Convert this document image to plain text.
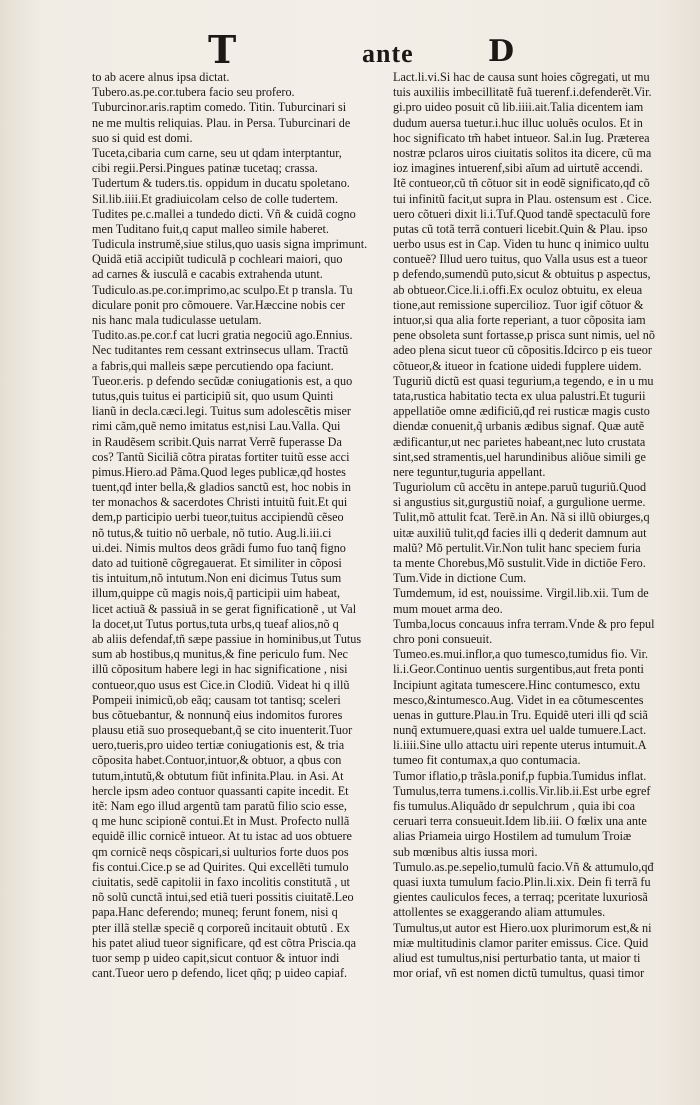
T	ante D
to ab acere alnus ipsa dictat.
Tubero.as.pe.cor.tubera facio seu profero.
Tuburcinor.aris.raptim comedo. Titin. Tuburcinari si
ne me multis reliquias. Plau. in Persa. Tuburcinari de
suo si quid est domi.
Tuceta,cibaria cum carne, seu ut qdam interptantur,
cibi regii.Persi.Pingues patinæ tucetaq; crassa.
Tudertum & tuders.tis. oppidum in ducatu spoletano.
Sil.lib.iiii.Et gradiuicolam celso de colle tudertem.
Tudites pe.c.mallei a tundedo dicti. Vñ & cuidã cogno
men Tuditano fuit,q caput malleo simile haberet.
Tudicula instrumě,siue stilus,quo uasis signa imprimunt.
Quidã etiã accipiũt tudiculã p cochleari maiori, quo
ad carnes & iusculã e cacabis extrahenda utunt.
Tudiculo.as.pe.cor.imprimo,ac sculpo.Et p transla. Tu
diculare ponit pro cõmouere. Var.Hæccine nobis cer
nis hanc mala tudiculasse uetulam.
Tudito.as.pe.cor.f cat lucri gratia negociũ ago.Ennius.
Nec tuditantes rem cessant extrinsecus ullam. Tractũ
a fabris,qui malleis sæpe percutiendo opa faciunt.
Tueor.eris. p defendo secũdæ coniugationis est, a quo
tutus,quis tuitus ei participiũ sit, quo usum Quinti
lianũ in decla.cæci.legi. Tuitus sum adolescẽtis miser
rimi cãm,quẽ nemo imitatus est,nisi Lau.Valla. Qui
in Raudẽsem scribit.Quis narrat Verrẽ fuperasse Da
cos? Tantũ Siciliã cõtra piratas fortiter tuitũ esse acci
pimus.Hiero.ad Pãma.Quod leges publicæ,qđ hostes
tuent,qđ inter bella,& gladios sanctũ est, hoc nobis in
ter monachos & sacerdotes Christi intuitũ fuit.Et qui
dem,p participio uerbi tueor,tuitus accipiendũ cẽseo
nõ tutus,& tuitio nõ uerbale, nõ tutio. Aug.li.iii.ci
ui.dei. Nimis multos deos grãdi fumo fuo tanq̃ figno
dato ad tuitionẽ cõgregauerat. Et similiter in cõposi
tis intuitum,nõ intutum.Non eni dicimus Tutus sum
illum,quippe cũ magis nois,q̃ participii uim habeat,
licet actiuã & passiuã in se gerat fignificationẽ , ut Val
la docet,ut Tutus portus,tuta urbs,q tueaf alios,nõ q
ab aliis defendaf,tñ sæpe passiue in hominibus,ut Tutus
sum ab hostibus,q munitus,& fine periculo fum. Nec
illũ cõpositum habere legi in hac significatione , nisi
contueor,quo usus est Cice.in Clodiũ. Videat hi q illũ
Pompeii inimicũ,ob eãq; causam tot tantisq; sceleri
bus cõtuebantur, & nonnunq̃ eius indomitos furores
plausu etiã suo prosequebant,q̃ se cito inuenterit.Tuor
uero,tueris,pro uideo tertiæ coniugationis est, & tria
cõposita habet.Contuor,intuor,& obtuor, a qbus con
tutum,intutũ,& obtutum fiũt infinita.Plau. in Asi. At
hercle ipsm adeo contuor quassanti capite incedit. Et
itẽ: Nam ego illud argentũ tam paratũ filio scio esse,
q me hunc scipionẽ contui.Et in Must. Profecto nullã
equidẽ illic cornicẽ intueor. At tu istac ad uos obtuere
qm cornicẽ neqs cõspicari,si uulturios forte duos pos
fis contui.Cice.p se ad Quirites. Qui excellẽti tumulo
ciuitatis, sedẽ capitolii in faxo incolitis constitutã , ut
nõ solũ cunctã intui,sed etiã tueri possitis ciuitatẽ.Leo
papa.Hanc deferendo; muneq; ferunt fonem, nisi q
pter illã stellæ speciẽ q corporeũ incitauit obtutũ . Ex
his patet aliud tueor significare, qđ est cõtra Priscia.qa
tuor semp p uideo capit,sicut contuor & intuor indi
cant.Tueor uero p defendo, licet qñq; p uideo capiaf.
Lact.li.vi.Si hac de causa sunt hoies cõgregati, ut mu
tuis auxiliis imbecillitatẽ fuã tuerenf.i.defenderẽt.Vir.
gi.pro uideo posuit cũ lib.iiii.ait.Talia dicentem iam
dudum auersa tuetur.i.huc illuc uoluẽs oculos. Et in
hoc significato tm̃ habet intueor. Sal.in Iug. Præterea
nostræ pclaros uiros ciuitatis solitos ita dicere, cũ ma
ioz imagines intuerenf,sibi aĩum ad uirtutẽ accendi.
Itẽ contueor,cũ tñ cõtuor sit in eodẽ significato,qđ cõ
tui infinitũ facit,ut supra in Plau. ostensum est . Cice.
uero cõtueri dixit li.i.Tuf.Quod tandẽ spectaculũ fore
putas cũ totã terrã contueri licebit.Quin & Plau. ipso
uerbo usus est in Cap. Viden tu hunc q inimico uultu
contueẽ? Illud uero tuitus, quo Valla usus est a tueor
p defendo,sumendũ puto,sicut & obtuitus p aspectus,
ab obtueor.Cice.li.i.offi.Ex oculoz obtuitu, ex eleua
tione,aut remissione supercilioz. Tuor igif cõtuor &
intuor,si qua alia forte reperiant, a tuor cõposita iam
pene obsoleta sunt fortasse,p prisca sunt nimis, uel nõ
adeo plena sicut tueor cũ cõpositis.Idcirco p eis tueor
cõtueor,& itueor in fcatione uidedi fupplere uidem.
Tuguriũ dictũ est quasi tegurium,a tegendo, e in u mu
tata,rustica habitatio tecta ex ulua palustri.Et tugurii
appellatiõe omne ædificiũ,qđ rei rusticæ magis custo
diendæ conuenit,q̃ urbanis ædibus signaf. Quæ autẽ
ædificantur,ut nec parietes habeant,nec luto crustata
sint,sed stramentis,uel harundinibus aliõue simili ge
nere teguntur,tuguria appellant.
Tuguriolum cũ accẽtu in antepe.paruũ tuguriũ.Quod
si angustius sit,gurgustiũ noiaf, a gurgulione uerme.
Tulit,mõ attulit fcat. Terẽ.in An. Nã si illũ obiurges,q
uitæ auxiliũ tulit,qđ facies illi q dederit damnum aut
malũ? Mõ pertulit.Vir.Non tulit hanc speciem furia
ta mente Chorebus,Mõ sustulit.Vide in dictiõe Fero.
Tum.Vide in dictione Cum.
Tumdemum, id est, nouissime. Virgil.lib.xii. Tum de
mum mouet arma deo.
Tumba,locus concauus infra terram.Vnde & pro fepul
chro poni consueuit.
Tumeo.es.mui.inflor,a quo tumesco,tumidus fio. Vir.
li.i.Geor.Continuo uentis surgentibus,aut freta ponti
Incipiunt agitata tumescere.Hinc contumesco, extu
mesco,&intumesco.Aug. Videt in ea cõtumescentes
uenas in gutture.Plau.in Tru. Equidẽ uteri illi qđ sciã
nunq̃ extumuere,quasi extra uel ualde tumuere.Lact.
li.iiii.Sine ullo attactu uiri repente uterus intumuit.A
tumeo fit contumax,a quo contumacia.
Tumor iflatio,p trãsla.ponif,p fupbia.Tumidus inflat.
Tumulus,terra tumens.i.collis.Vir.lib.ii.Est urbe egref
fis tumulus.Aliquãdo dr sepulchrum , quia ibi coa
ceruari terra consueuit.Idem lib.iii. O fœlix una ante
alias Priameia uirgo Hostilem ad tumulum Troiæ
sub mœnibus altis iussa mori.
Tumulo.as.pe.sepelio,tumulũ facio.Vñ & attumulo,qđ
quasi iuxta tumulum facio.Plin.li.xix. Dein fi terrã fu
gientes cauliculos feces, a terraq; pceritate luxuriosã
attollentes se exaggerando aliam attumules.
Tumultus,ut autor est Hiero.uox plurimorum est,& ni
miæ multitudinis clamor pariter emissus. Cice. Quid
aliud est tumultus,nisi perturbatio tanta, ut maior ti
mor oriaf, vñ est nomen dictũ tumultus, quasi timor
